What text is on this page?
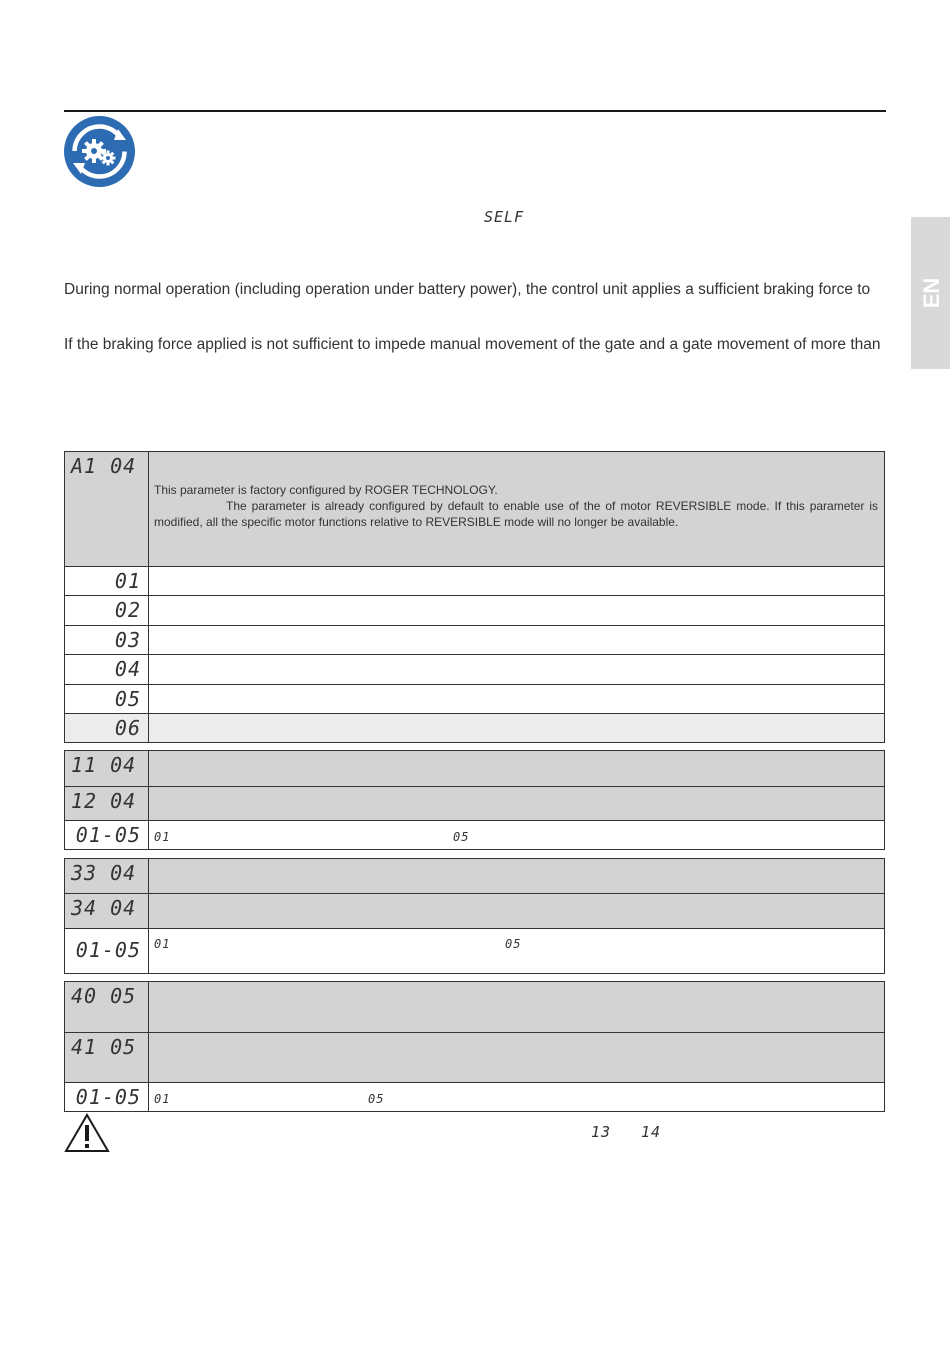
SELF
EN
During normal operation (including operation under battery power), the control unit applies a sufficient braking force to
If the braking force applied is not sufficient to impede manual movement of the gate and a gate movement of more than
A1 04
This parameter is factory configured by ROGER TECHNOLOGY.
The parameter is already configured by default to enable use of the of motor REVERSIBLE mode. If this parameter is modified, all the specific motor functions relative to REVERSIBLE mode will no longer be available.
01
02
03
04
05
06
11 04
12 04
01-05 01	05
33 04
34 04
01-05 01	05
40 05
41 05
01-05 01	05
13 14
